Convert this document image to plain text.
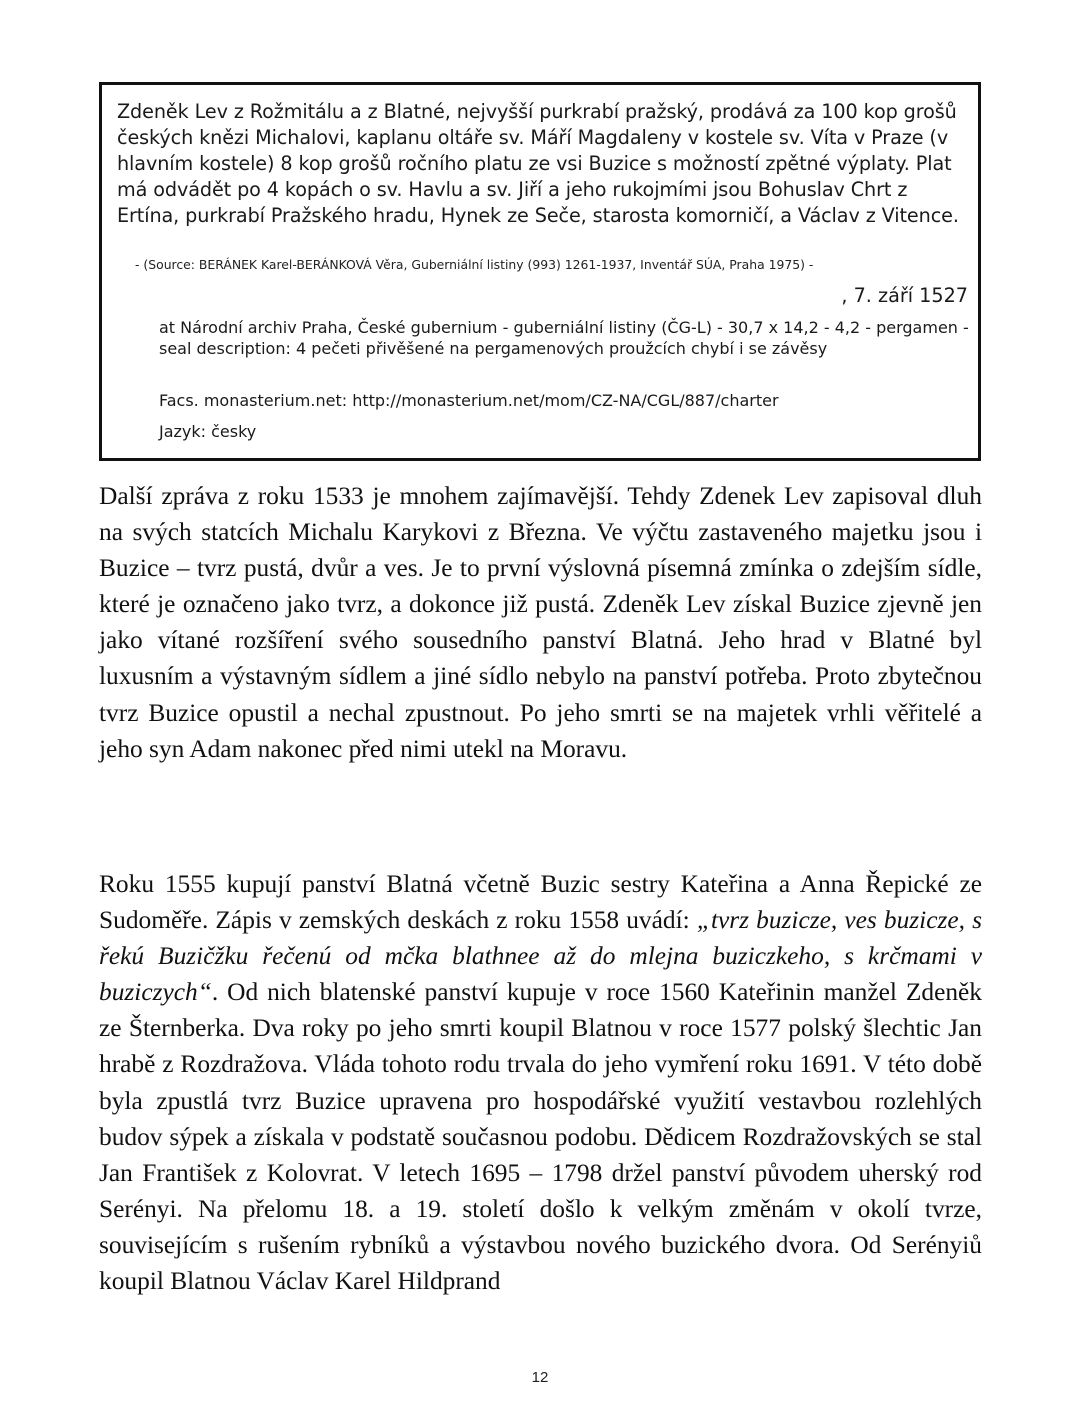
Zdeněk Lev z Rožmitálu a z Blatné, nejvyšší purkrabí pražský, prodává za 100 kop grošů českých knězi Michalovi, kaplanu oltáře sv. Máří Magdaleny v kostele sv. Víta v Praze (v hlavním kostele) 8 kop grošů ročního platu ze vsi Buzice s možností zpětné výplaty. Plat má odvádět po 4 kopách o sv. Havlu a sv. Jiří a jeho rukojmími jsou Bohuslav Chrt z Ertína, purkrabí Pražského hradu, Hynek ze Seče, starosta komorničí, a Václav z Vitence.

- (Source: BERÁNEK Karel-BERÁNKOVÁ Věra, Guberniální listiny (993) 1261-1937, Inventář SÚA, Praha 1975) -

, 7. září 1527

at Národní archiv Praha, České gubernium - guberniální listiny (ČG-L) - 30,7 x 14,2 - 4,2 - pergamen - seal description: 4 pečeti přivěšené na pergamenových proužcích chybí i se závěsy

Facs. monasterium.net: http://monasterium.net/mom/CZ-NA/CGL/887/charter

Jazyk: česky

Další zpráva z roku 1533 je mnohem zajímavější. Tehdy Zdenek Lev zapisoval dluh na svých statcích Michalu Karykovi z Března. Ve výčtu zastaveného majetku jsou i Buzice – tvrz pustá, dvůr a ves. Je to první výslovná písemná zmínka o zdejším sídle, které je označeno jako tvrz, a dokonce již pustá. Zdeněk Lev získal Buzice zjevně jen jako vítané rozšíření svého sousedního panství Blatná. Jeho hrad v Blatné byl luxusním a výstavným sídlem a jiné sídlo nebylo na panství potřeba. Proto zbytečnou tvrz Buzice opustil a nechal zpustnout. Po jeho smrti se na majetek vrhli věřitelé a jeho syn Adam nakonec před nimi utekl na Moravu.

Roku 1555 kupují panství Blatná včetně Buzic sestry Kateřina a Anna Řepické ze Sudoměře. Zápis v zemských deskách z roku 1558 uvádí: „tvrz buzicze, ves buzicze, s řekú Buzičžku řečenú od mčka blathnee až do mlejna buziczkeho, s krčmami v buziczych“. Od nich blatenské panství kupuje v roce 1560 Kateřinin manžel Zdeněk ze Šternberka. Dva roky po jeho smrti koupil Blatnou v roce 1577 polský šlechtic Jan hrabě z Rozdražova. Vláda tohoto rodu trvala do jeho vymření roku 1691. V této době byla zpustlá tvrz Buzice upravena pro hospodářské využití vestavbou rozlehlých budov sýpek a získala v podstatě současnou podobu. Dědicem Rozdražovských se stal Jan František z Kolovrat. V letech 1695 – 1798 držel panství původem uherský rod Serényi. Na přelomu 18. a 19. století došlo k velkým změnám v okolí tvrze, souvisejícím s rušením rybníků a výstavbou nového buzického dvora. Od Serényiů koupil Blatnou Václav Karel Hildprand

12
